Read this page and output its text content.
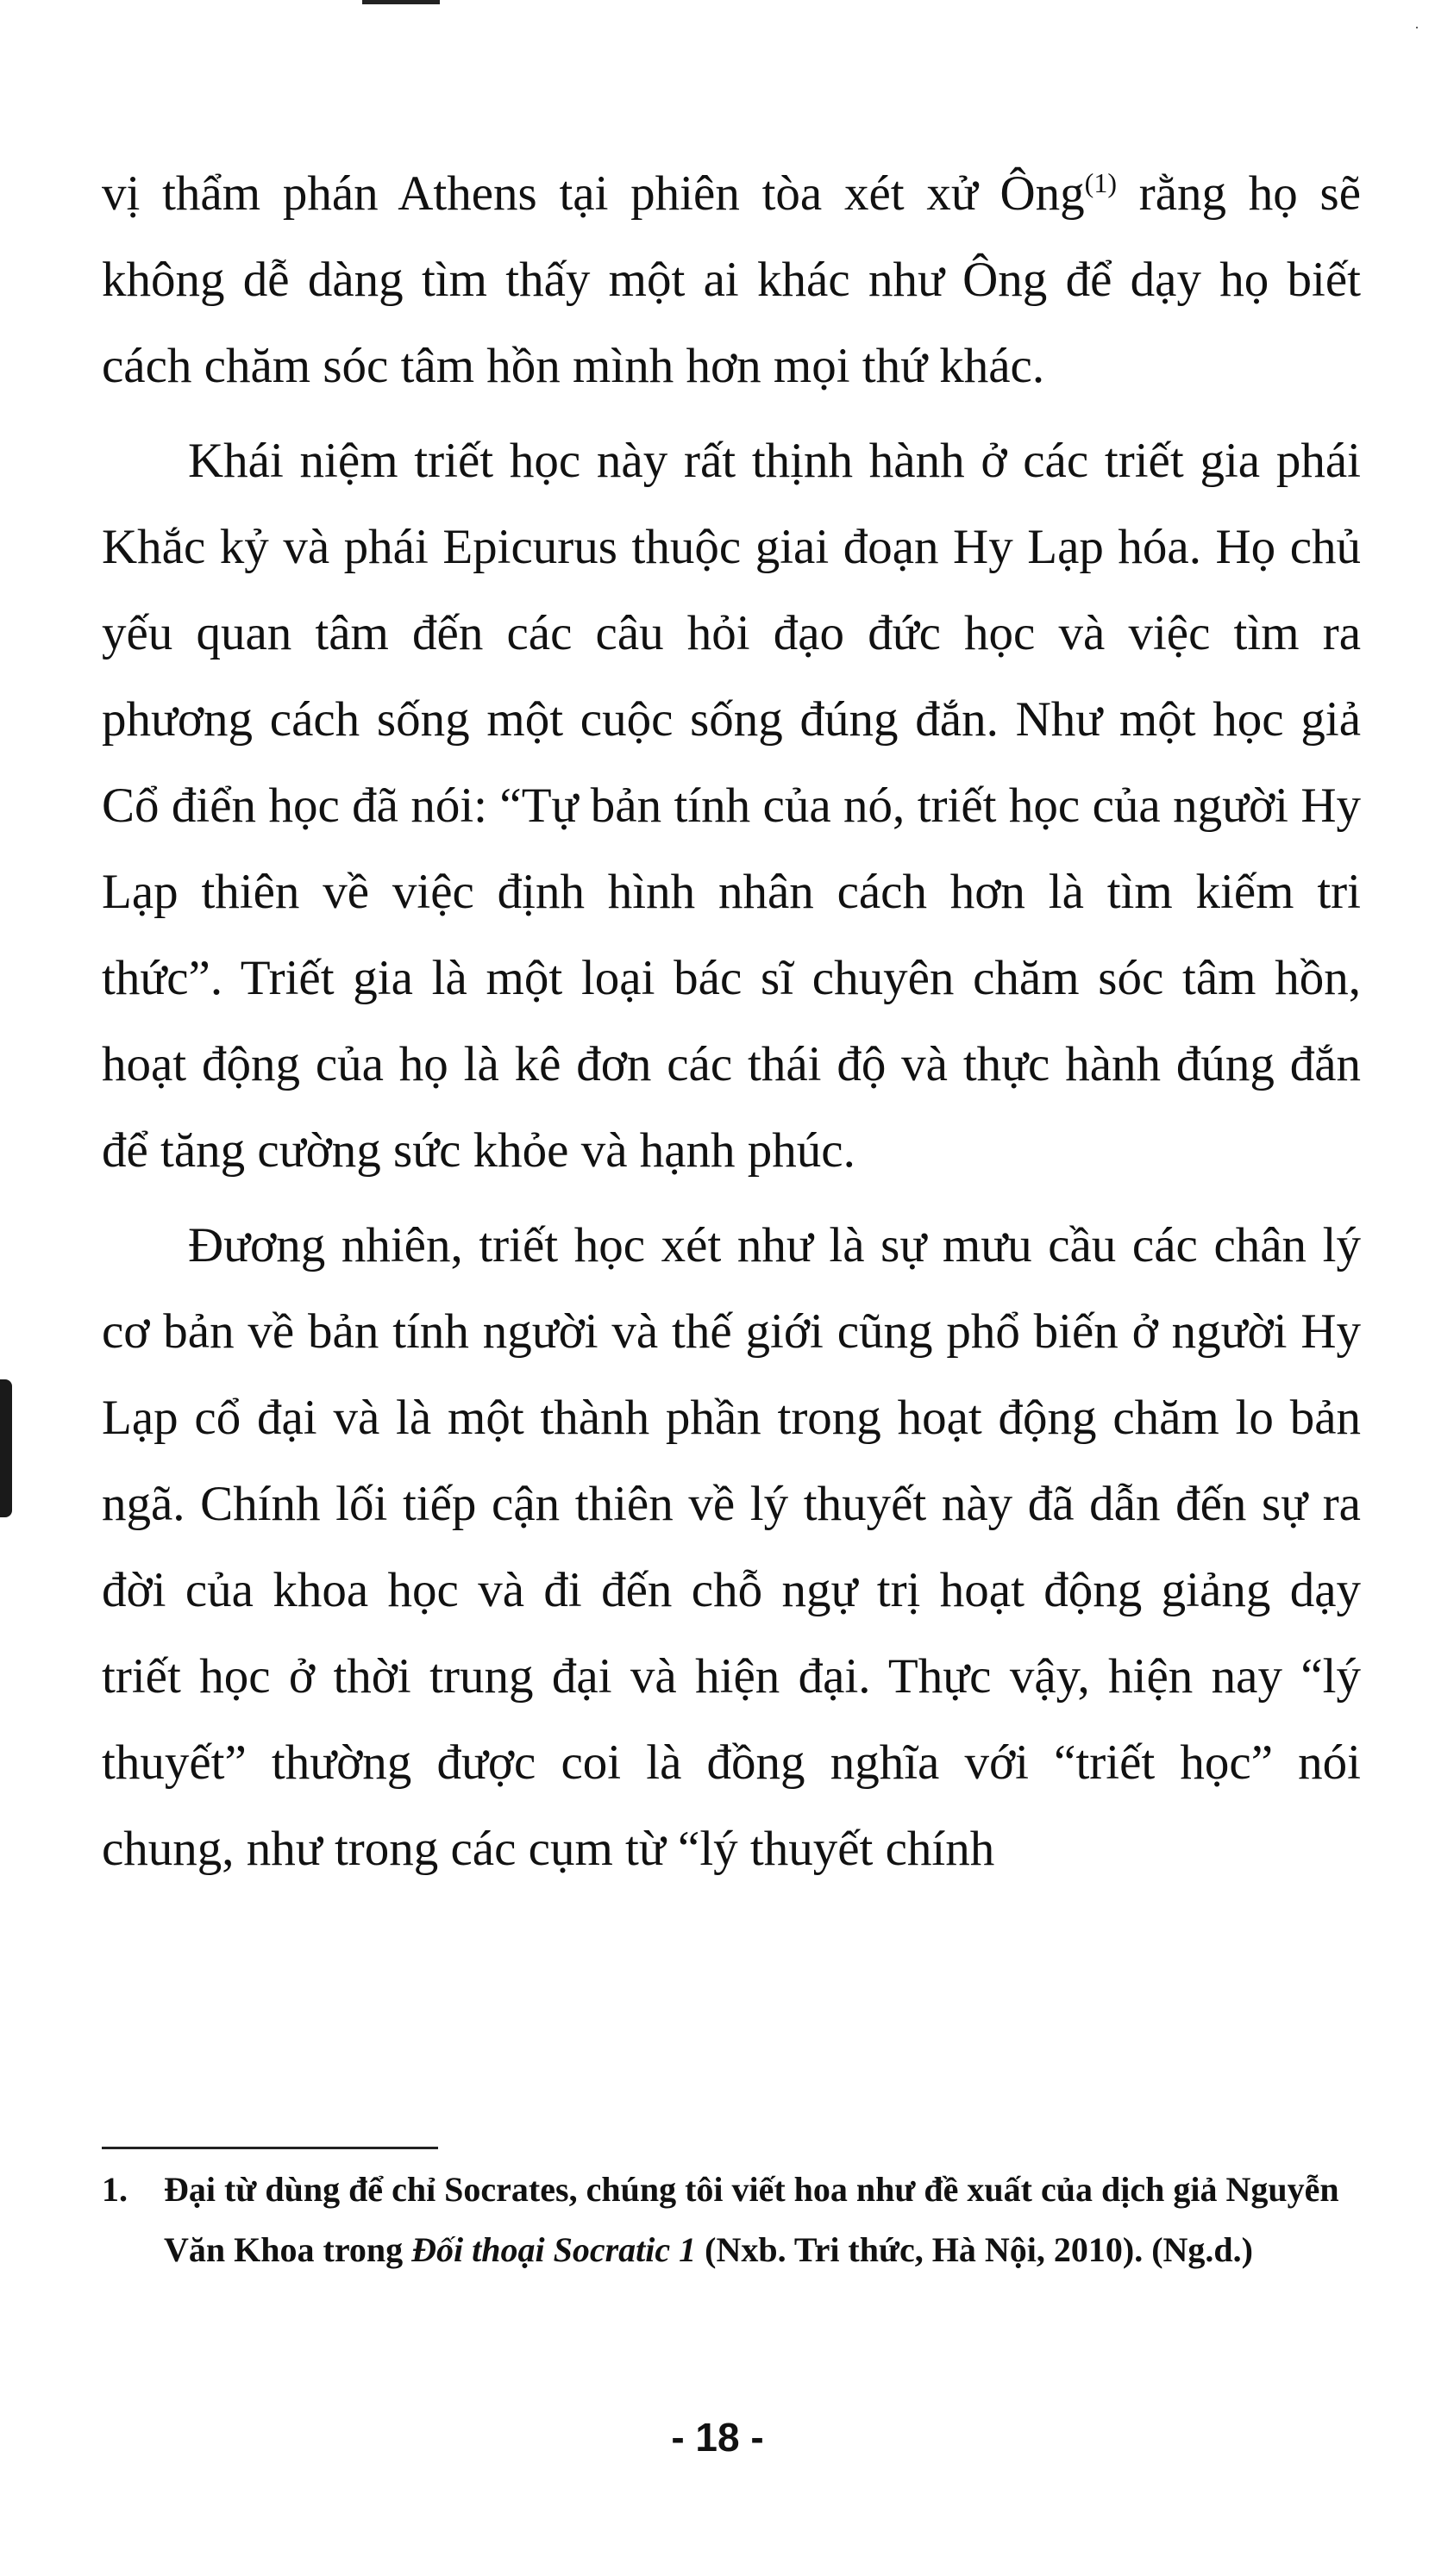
·

vị thẩm phán Athens tại phiên tòa xét xử Ông$^{(1)}$ rằng họ sẽ không dễ dàng tìm thấy một ai khác như Ông để dạy họ biết cách chăm sóc tâm hồn mình hơn mọi thứ khác.

Khái niệm triết học này rất thịnh hành ở các triết gia phái Khắc kỷ và phái Epicurus thuộc giai đoạn Hy Lạp hóa. Họ chủ yếu quan tâm đến các câu hỏi đạo đức học và việc tìm ra phương cách sống một cuộc sống đúng đắn. Như một học giả Cổ điển học đã nói: “Tự bản tính của nó, triết học của người Hy Lạp thiên về việc định hình nhân cách hơn là tìm kiếm tri thức”. Triết gia là một loại bác sĩ chuyên chăm sóc tâm hồn, hoạt động của họ là kê đơn các thái độ và thực hành đúng đắn để tăng cường sức khỏe và hạnh phúc.

Đương nhiên, triết học xét như là sự mưu cầu các chân lý cơ bản về bản tính người và thế giới cũng phổ biến ở người Hy Lạp cổ đại và là một thành phần trong hoạt động chăm lo bản ngã. Chính lối tiếp cận thiên về lý thuyết này đã dẫn đến sự ra đời của khoa học và đi đến chỗ ngự trị hoạt động giảng dạy triết học ở thời trung đại và hiện đại. Thực vậy, hiện nay “lý thuyết” thường được coi là đồng nghĩa với “triết học” nói chung, như trong các cụm từ “lý thuyết chính

1.	Đại từ dùng để chỉ Socrates, chúng tôi viết hoa như đề xuất của dịch giả Nguyễn Văn Khoa trong Đối thoại Socratic 1 (Nxb. Tri thức, Hà Nội, 2010). (Ng.d.)
- 18 -
